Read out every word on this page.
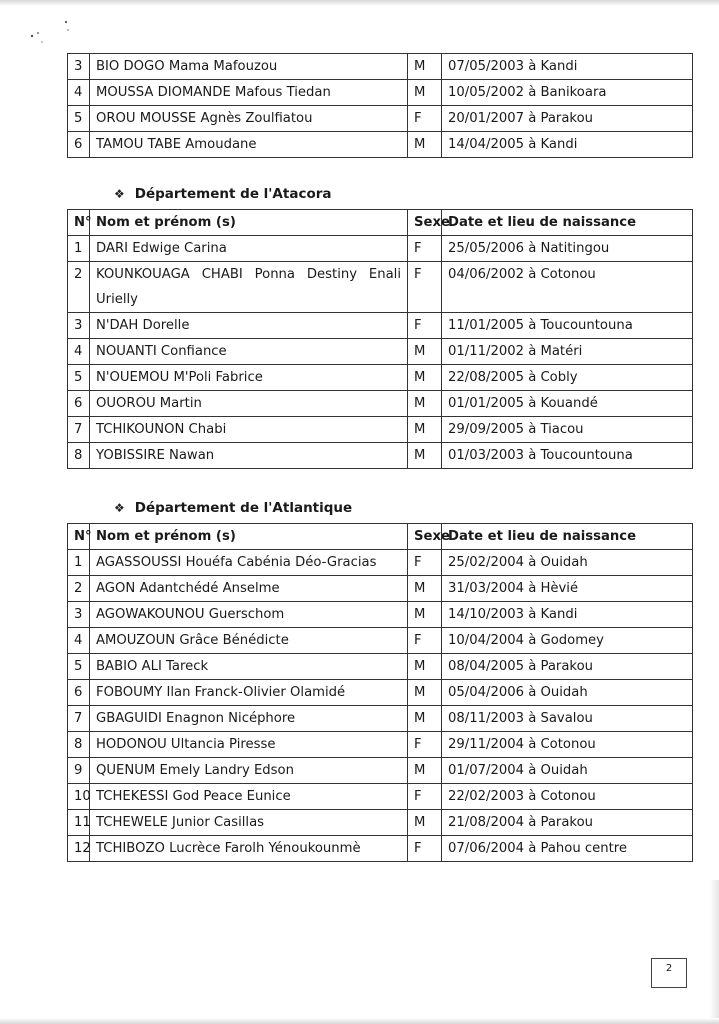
3	BIO DOGO Mama Mafouzou	M	07/05/2003 à Kandi
4	MOUSSA DIOMANDE Mafous Tiedan	M	10/05/2002 à Banikoara
5	OROU MOUSSE Agnès Zoulfiatou	F	20/01/2007 à Parakou
6	TAMOU TABE Amoudane	M	14/04/2005 à Kandi
❖ Département de l'Atacora
N°	Nom et prénom (s)	Sexe	Date et lieu de naissance
1	DARI Edwige Carina	F	25/05/2006 à Natitingou
2	KOUNKOUAGA CHABI Ponna Destiny Enali Urielly	F	04/06/2002 à Cotonou
3	N'DAH Dorelle	F	11/01/2005 à Toucountouna
4	NOUANTI Confiance	M	01/11/2002 à Matéri
5	N'OUEMOU M'Poli Fabrice	M	22/08/2005 à Cobly
6	OUOROU Martin	M	01/01/2005 à Kouandé
7	TCHIKOUNON Chabi	M	29/09/2005 à Tiacou
8	YOBISSIRE Nawan	M	01/03/2003 à Toucountouna
❖ Département de l'Atlantique
N°	Nom et prénom (s)	Sexe	Date et lieu de naissance
1	AGASSOUSSI Houéfa Cabénia Déo-Gracias	F	25/02/2004 à Ouidah
2	AGON Adantchédé Anselme	M	31/03/2004 à Hèvié
3	AGOWAKOUNOU Guerschom	M	14/10/2003 à Kandi
4	AMOUZOUN Grâce Bénédicte	F	10/04/2004 à Godomey
5	BABIO ALI Tareck	M	08/04/2005 à Parakou
6	FOBOUMY Ilan Franck-Olivier Olamidé	M	05/04/2006 à Ouidah
7	GBAGUIDI Enagnon Nicéphore	M	08/11/2003 à Savalou
8	HODONOU Ultancia Piresse	F	29/11/2004 à Cotonou
9	QUENUM Emely Landry Edson	M	01/07/2004 à Ouidah
10	TCHEKESSI God Peace Eunice	F	22/02/2003 à Cotonou
11	TCHEWELE Junior Casillas	M	21/08/2004 à Parakou
12	TCHIBOZO Lucrèce Farolh Yénoukounmè	F	07/06/2004 à Pahou centre
2
